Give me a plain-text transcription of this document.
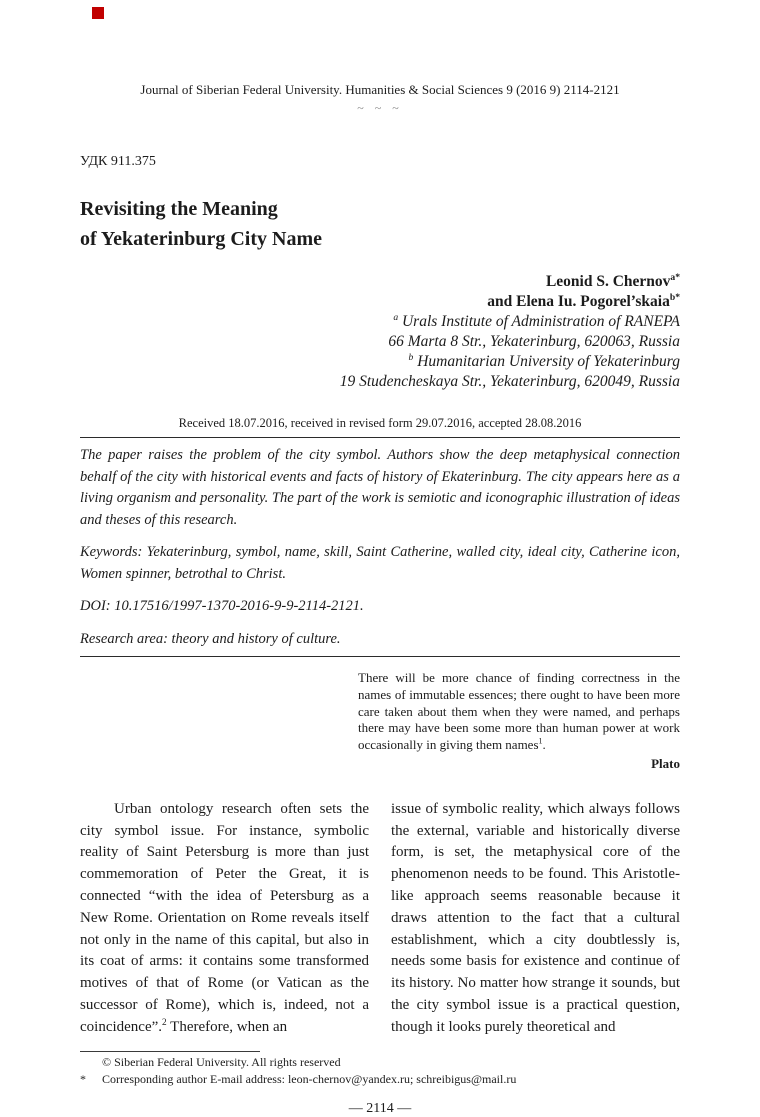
Journal of Siberian Federal University. Humanities & Social Sciences 9 (2016 9) 2114-2121
~ ~ ~
УДК 911.375
Revisiting the Meaning
of Yekaterinburg City Name
Leonid S. Chernov$^{a*}$
and Elena Iu. Pogorel’skaia$^{b*}$
$^a$ Urals Institute of Administration of RANEPA
66 Marta 8 Str., Yekaterinburg, 620063, Russia
$^b$ Humanitarian University of Yekaterinburg
19 Studencheskaya Str., Yekaterinburg, 620049, Russia
Received 18.07.2016, received in revised form 29.07.2016, accepted 28.08.2016
The paper raises the problem of the city symbol. Authors show the deep metaphysical connection behalf of the city with historical events and facts of history of Ekaterinburg. The city appears here as a living organism and personality. The part of the work is semiotic and iconographic illustration of ideas and theses of this research.
Keywords: Yekaterinburg, symbol, name, skill, Saint Catherine, walled city, ideal city, Catherine icon, Women spinner, betrothal to Christ.
DOI: 10.17516/1997-1370-2016-9-9-2114-2121.
Research area: theory and history of culture.
There will be more chance of finding correctness in the names of immutable essences; there ought to have been more care taken about them when they were named, and perhaps there may have been some more than human power at work occasionally in giving them names$^1$.
Plato
Urban ontology research often sets the city symbol issue. For instance, symbolic reality of Saint Petersburg is more than just commemoration of Peter the Great, it is connected “with the idea of Petersburg as a New Rome. Orientation on Rome reveals itself not only in the name of this capital, but also in its coat of arms: it contains some transformed motives of that of Rome (or Vatican as the successor of Rome), which is, indeed, not a coincidence”.$^2$ Therefore, when an
issue of symbolic reality, which always follows the external, variable and historically diverse form, is set, the metaphysical core of the phenomenon needs to be found. This Aristotle-like approach seems reasonable because it draws attention to the fact that a cultural establishment, which a city doubtlessly is, needs some basis for existence and continue of its history. No matter how strange it sounds, but the city symbol issue is a practical question, though it looks purely theoretical and
© Siberian Federal University. All rights reserved
*	Corresponding author E-mail address: leon-chernov@yandex.ru; schreibigus@mail.ru
— 2114 —
